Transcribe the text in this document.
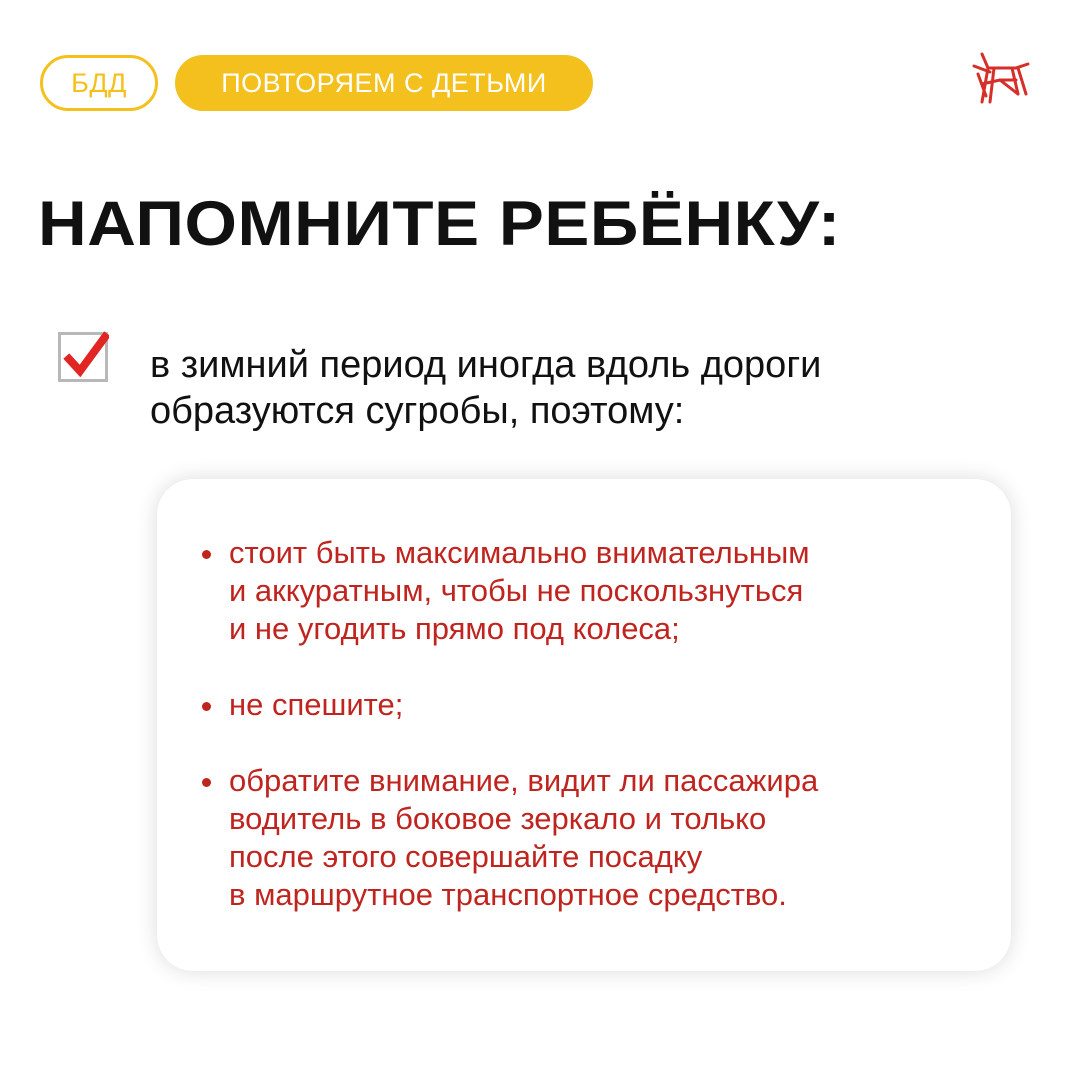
БДД	ПОВТОРЯЕМ С ДЕТЬМИ
НАПОМНИТЕ РЕБЁНКУ:

в зимний период иногда вдоль дороги
образуются сугробы, поэтому:

стоит быть максимально внимательным
и аккуратным, чтобы не поскользнуться
и не угодить прямо под колеса;
не спешите;
обратите внимание, видит ли пассажира
водитель в боковое зеркало и только
после этого совершайте посадку
в маршрутное транспортное средство.
